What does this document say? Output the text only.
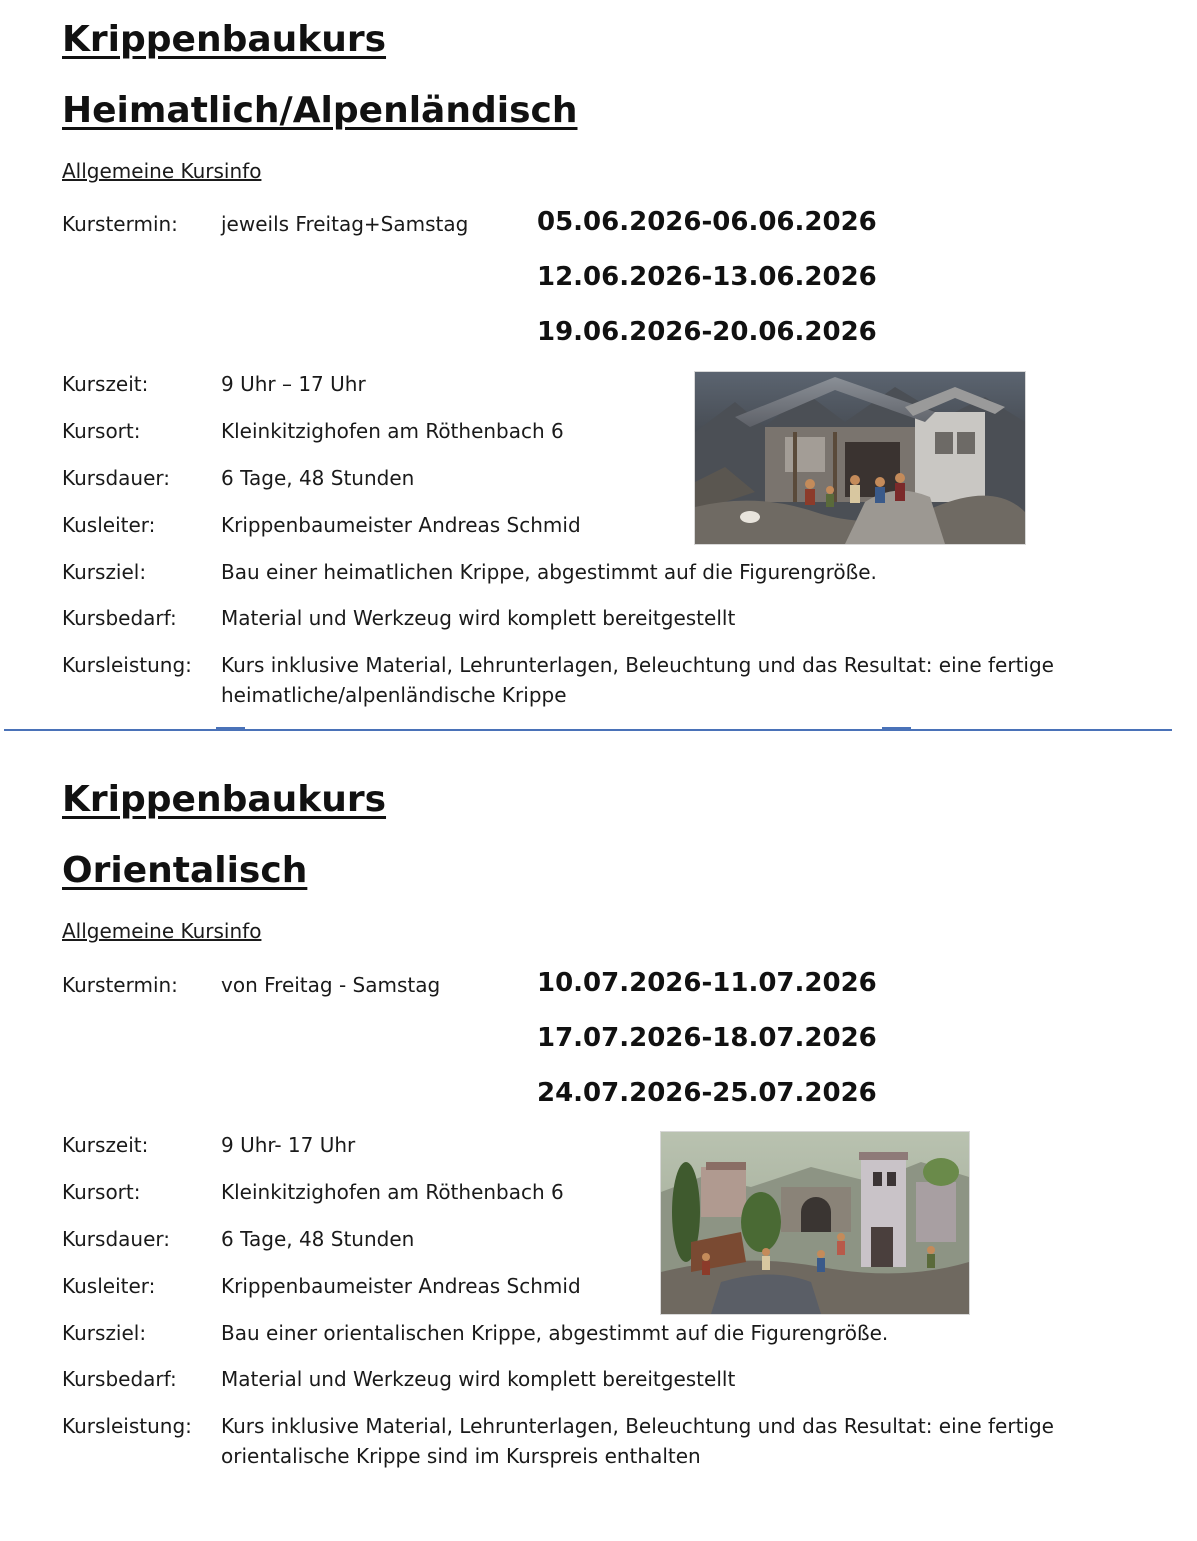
Krippenbaukurs
Heimatlich/Alpenländisch
Allgemeine Kursinfo
Kurstermin: jeweils Freitag+Samstag	05.06.2026-06.06.2026
12.06.2026-13.06.2026
19.06.2026-20.06.2026
Kurszeit:	9 Uhr – 17 Uhr
Kursort:	Kleinkitzighofen am Röthenbach 6
Kursdauer:	6 Tage, 48 Stunden
Kusleiter:	Krippenbaumeister Andreas Schmid
Kursziel:	Bau einer heimatlichen Krippe, abgestimmt auf die Figurengröße.
Kursbedarf: Material und Werkzeug wird komplett bereitgestellt
Kursleistung: Kurs inklusive Material, Lehrunterlagen, Beleuchtung und das Resultat: eine fertige heimatliche/alpenländische Krippe
Krippenbaukurs
Orientalisch
Allgemeine Kursinfo
Kurstermin: von Freitag - Samstag	10.07.2026-11.07.2026
17.07.2026-18.07.2026
24.07.2026-25.07.2026
Kurszeit:	9 Uhr- 17 Uhr
Kursort:	Kleinkitzighofen am Röthenbach 6
Kursdauer:	6 Tage, 48 Stunden
Kusleiter:	Krippenbaumeister Andreas Schmid
Kursziel:	Bau einer orientalischen Krippe, abgestimmt auf die Figurengröße.
Kursbedarf: Material und Werkzeug wird komplett bereitgestellt
Kursleistung: Kurs inklusive Material, Lehrunterlagen, Beleuchtung und das Resultat: eine fertige orientalische Krippe sind im Kurspreis enthalten
